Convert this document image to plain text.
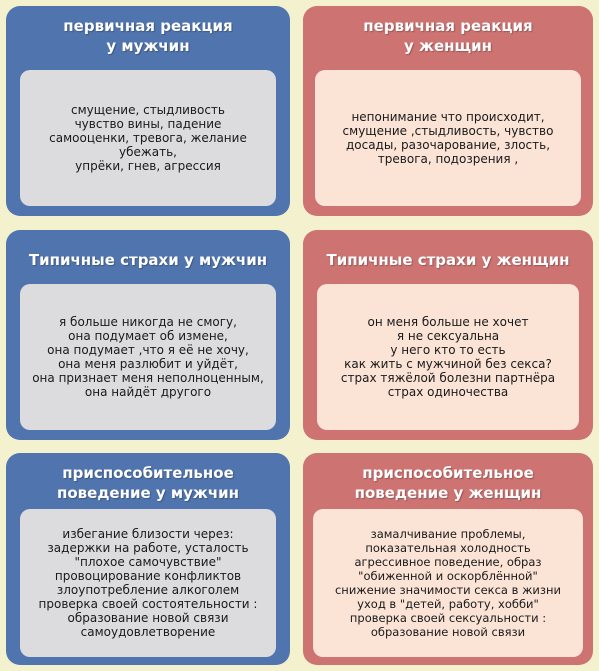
первичная реакция
у мужчин
смущение, стыдливость
чувство вины, падение
самооценки, тревога, желание
убежать,
упрёки, гнев, агрессия
первичная реакция
у женщин
непонимание что происходит,
смущение ,стыдливость, чувство
досады, разочарование, злость,
тревога, подозрения ,
Типичные страхи у мужчин
я больше никогда не смогу,
она подумает об измене,
она подумает ,что я её не хочу,
она меня разлюбит и уйдёт,
она признает меня неполноценным,
она найдёт другого
Типичные страхи у женщин
он меня больше не хочет
я не сексуальна
у него кто то есть
как жить с мужчиной без секса?
страх тяжёлой болезни партнёра
страх одиночества
приспособительное
поведение у мужчин
избегание близости через:
задержки на работе, усталость
"плохое самочувствие"
провоцирование конфликтов
злоупотребление алкоголем
проверка своей состоятельности :
образование новой связи
самоудовлетворение
приспособительное
поведение у женщин
замалчивание проблемы,
показательная холодность
агрессивное поведение, образ
"обиженной и оскорблённой"
снижение значимости секса в жизни
уход в "детей, работу, хобби"
проверка своей сексуальности :
образование новой связи
